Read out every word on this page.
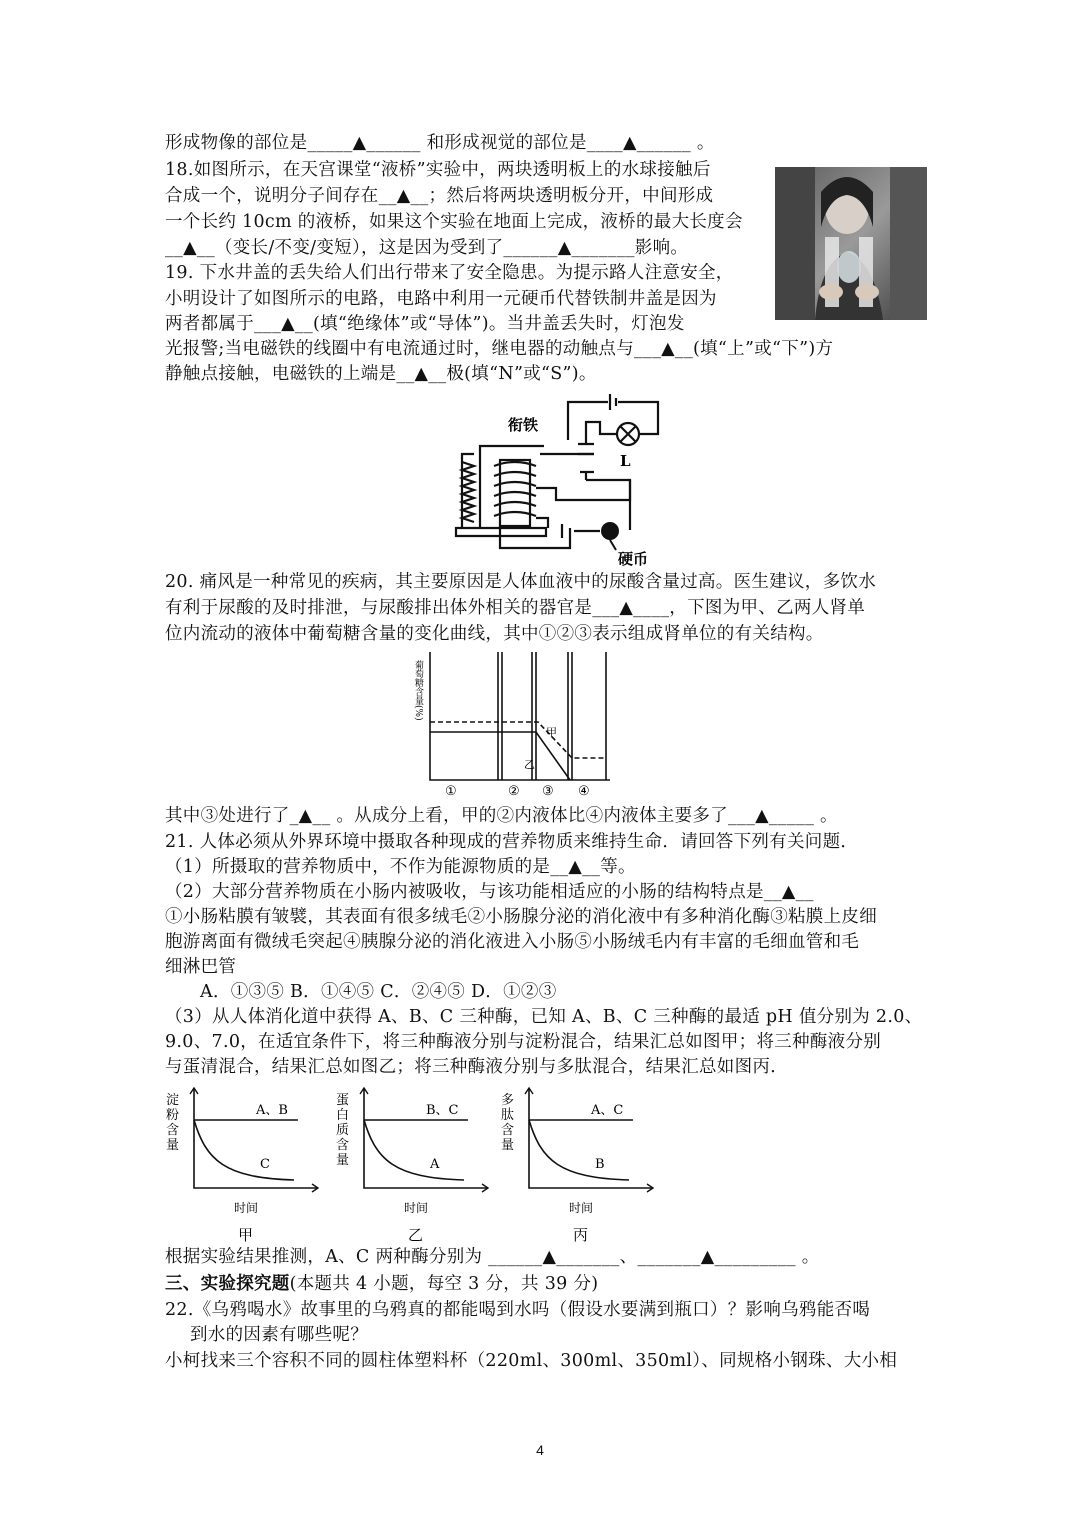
形成物像的部位是_____▲______ 和形成视觉的部位是____▲______ 。
18.如图所示，在天宫课堂“液桥”实验中，两块透明板上的水球接触后
合成一个，说明分子间存在__▲__；然后将两块透明板分开，中间形成
一个长约 10cm 的液桥，如果这个实验在地面上完成，液桥的最大长度会
__▲__（变长/不变/变短），这是因为受到了______▲_______影响。
19. 下水井盖的丢失给人们出行带来了安全隐患。为提示路人注意安全，
小明设计了如图所示的电路，电路中利用一元硬币代替铁制井盖是因为
两者都属于___▲__(填“绝缘体”或“导体”)。当井盖丢失时，灯泡发
光报警;当电磁铁的线圈中有电流通过时，继电器的动触点与___▲__(填“上”或“下”)方
静触点接触，电磁铁的上端是__▲__极(填“N”或“S”)。
衔铁
L
硬币
20. 痛风是一种常见的疾病，其主要原因是人体血液中的尿酸含量过高。医生建议，多饮水
有利于尿酸的及时排泄，与尿酸排出体外相关的器官是___▲____，下图为甲、乙两人肾单
位内流动的液体中葡萄糖含量的变化曲线，其中①②③表示组成肾单位的有关结构。
葡萄糖含量(%)
甲
乙
①	② ③ ④
其中③处进行了_▲__ 。从成分上看，甲的②内液体比④内液体主要多了___▲_____ 。
21. 人体必须从外界环境中摄取各种现成的营养物质来维持生命．请回答下列有关问题．
（1）所摄取的营养物质中，不作为能源物质的是__▲__等。
（2）大部分营养物质在小肠内被吸收，与该功能相适应的小肠的结构特点是__▲__
①小肠粘膜有皱襞，其表面有很多绒毛②小肠腺分泌的消化液中有多种消化酶③粘膜上皮细
胞游离面有微绒毛突起④胰腺分泌的消化液进入小肠⑤小肠绒毛内有丰富的毛细血管和毛
细淋巴管
A．①③⑤ B．①④⑤ C．②④⑤ D．①②③
（3）从人体消化道中获得 A、B、C 三种酶，已知 A、B、C 三种酶的最适 pH 值分别为 2.0、
9.0、7.0，在适宜条件下，将三种酶液分别与淀粉混合，结果汇总如图甲；将三种酶液分别
与蛋清混合，结果汇总如图乙；将三种酶液分别与多肽混合，结果汇总如图丙．
A、B
C
淀
粉
含
量
时间
甲
B、C
A
蛋
白
质
含
量
时间
乙
A、C
B
多
肽
含
量
时间
丙
根据实验结果推测，A、C 两种酶分别为 ______▲_______、_______▲_________ 。
三、实验探究题(本题共 4 小题，每空 3 分，共 39 分)
22.《乌鸦喝水》故事里的乌鸦真的都能喝到水吗（假设水要满到瓶口）？影响乌鸦能否喝
到水的因素有哪些呢？
小柯找来三个容积不同的圆柱体塑料杯（220ml、300ml、350ml）、同规格小钢珠、大小相
4
